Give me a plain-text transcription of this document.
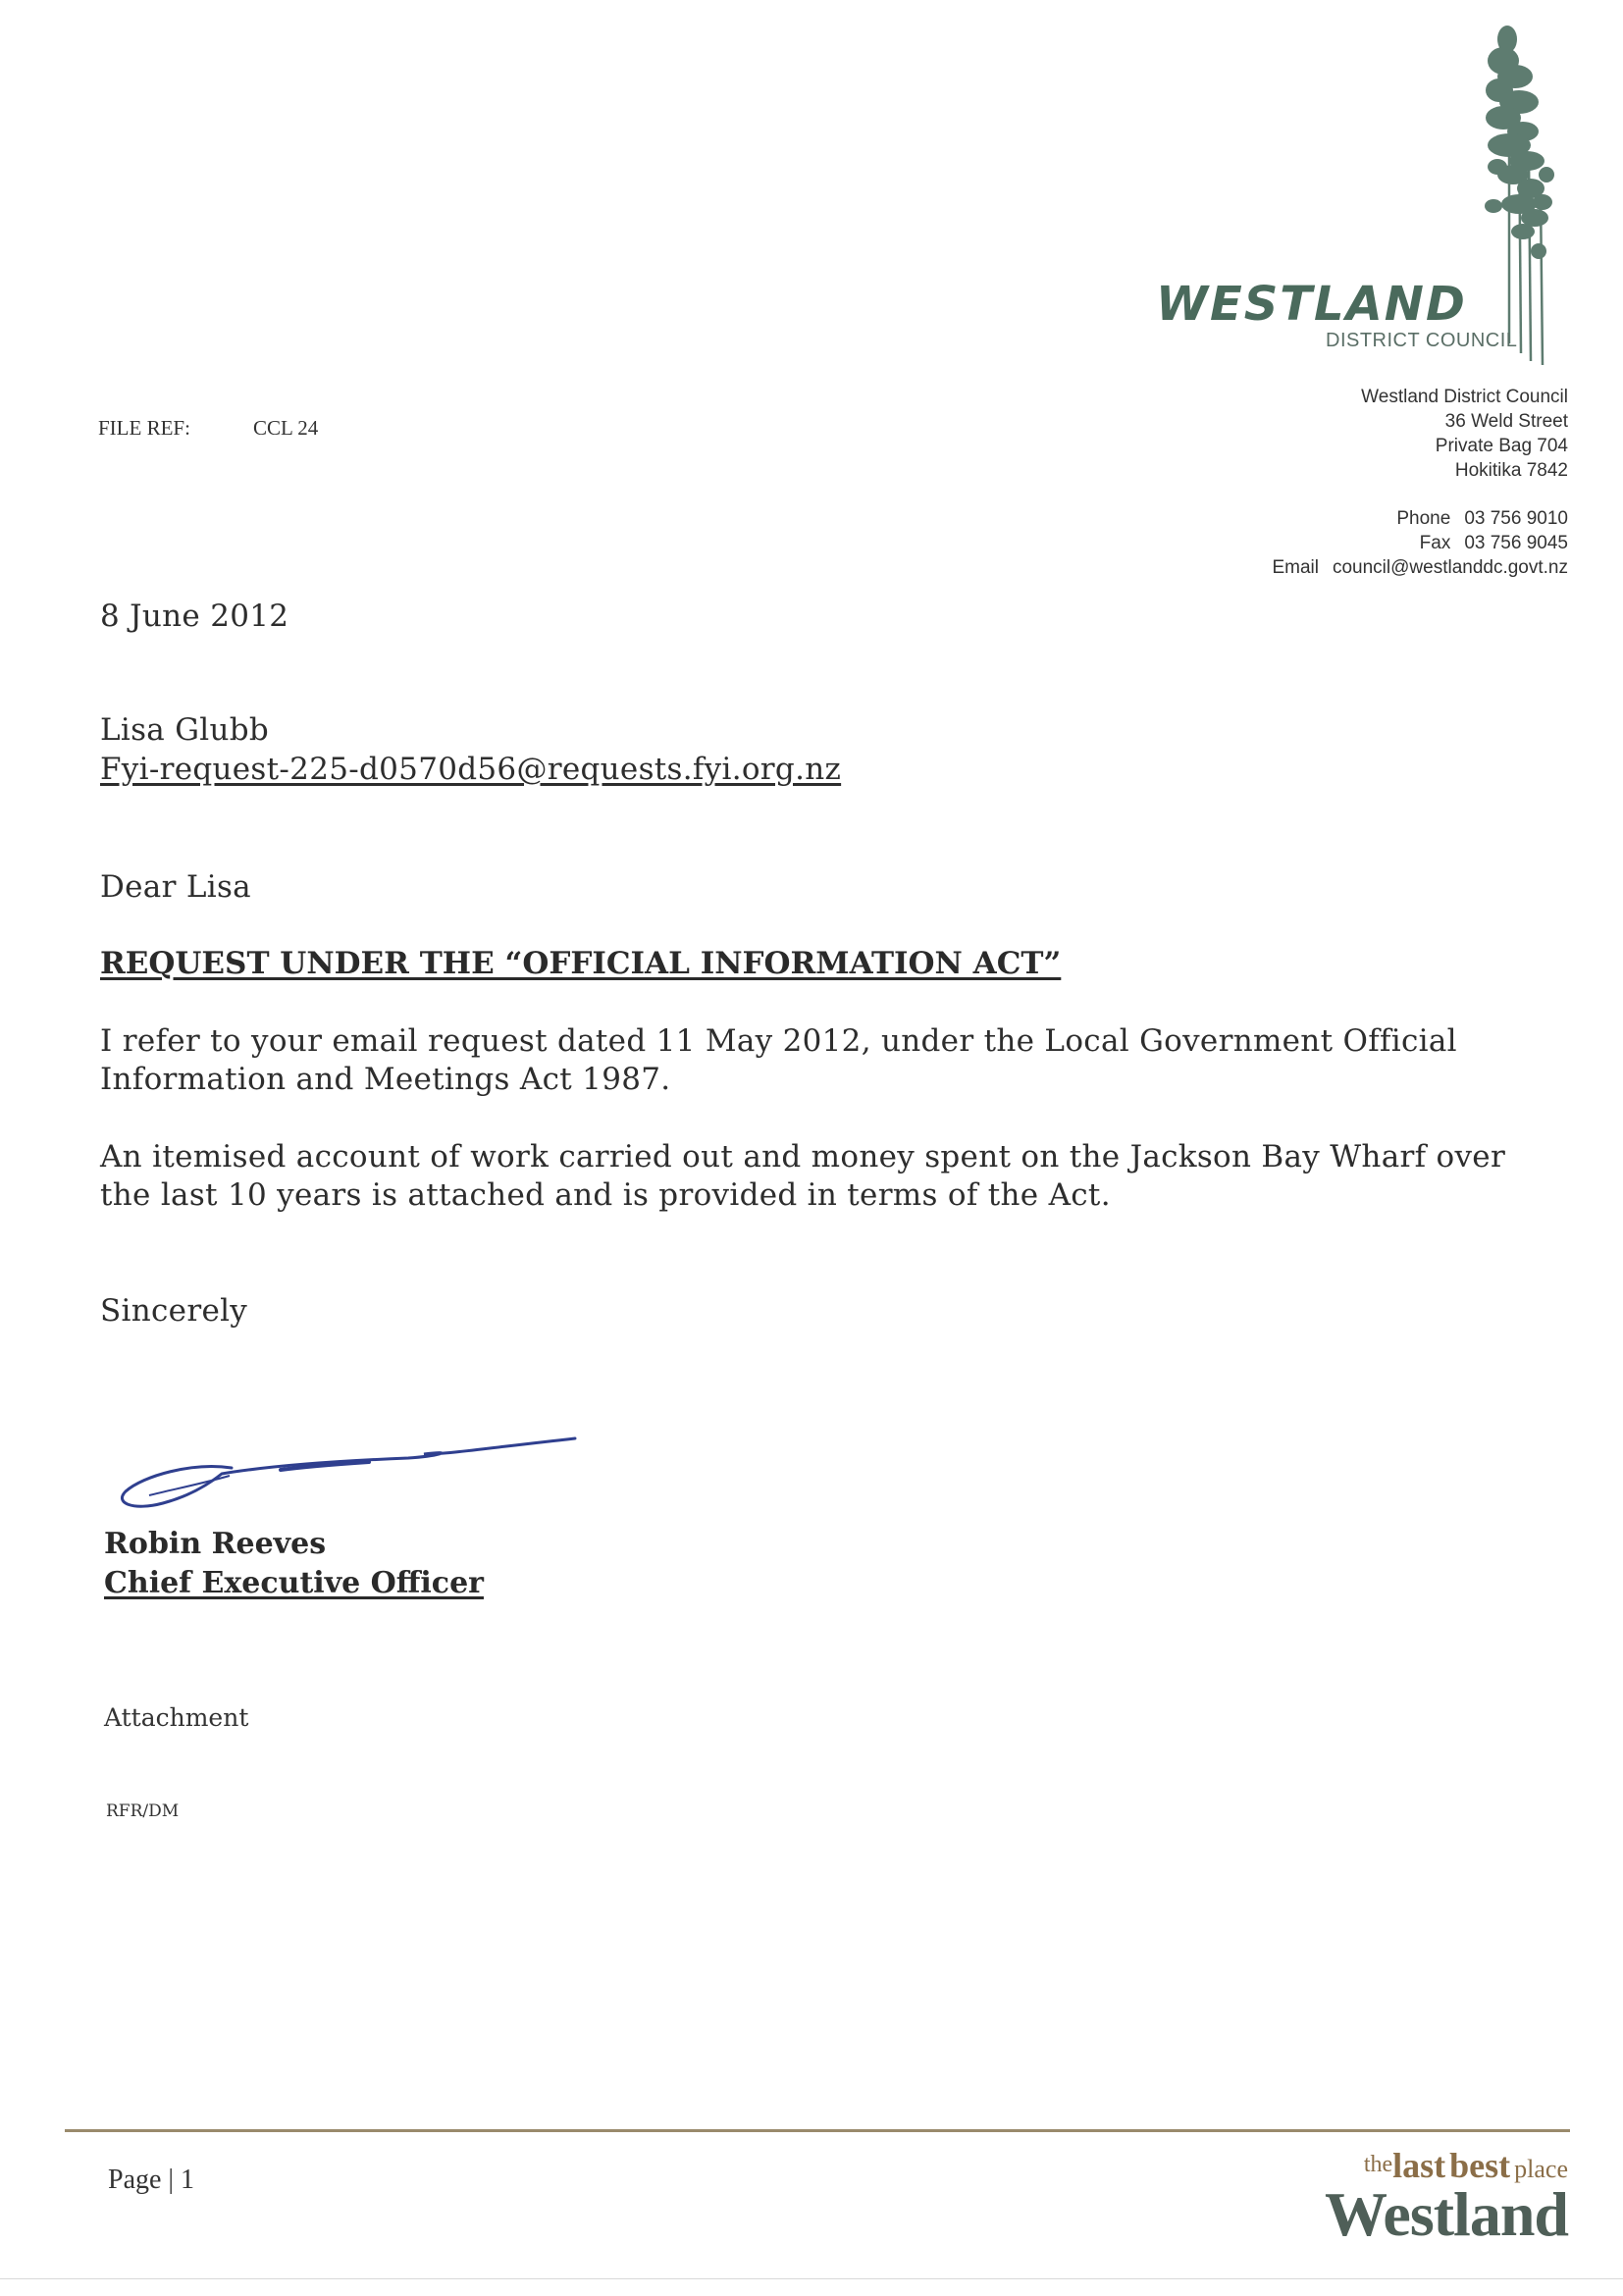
WESTLAND
DISTRICT COUNCIL
Westland District Council
36 Weld Street
Private Bag 704
Hokitika 7842
Phone 03 756 9010
Fax 03 756 9045
Email council@westlanddc.govt.nz
FILE REF:	CCL 24
8 June 2012
Lisa Glubb
Fyi-request-225-d0570d56@requests.fyi.org.nz
Dear Lisa
REQUEST UNDER THE “OFFICIAL INFORMATION ACT”
I refer to your email request dated 11 May 2012, under the Local Government Official Information and Meetings Act 1987.
An itemised account of work carried out and money spent on the Jackson Bay Wharf over the last 10 years is attached and is provided in terms of the Act.
Sincerely
Robin Reeves
Chief Executive Officer
Attachment
RFR/DM
Page | 1	thelast best place
Westland
